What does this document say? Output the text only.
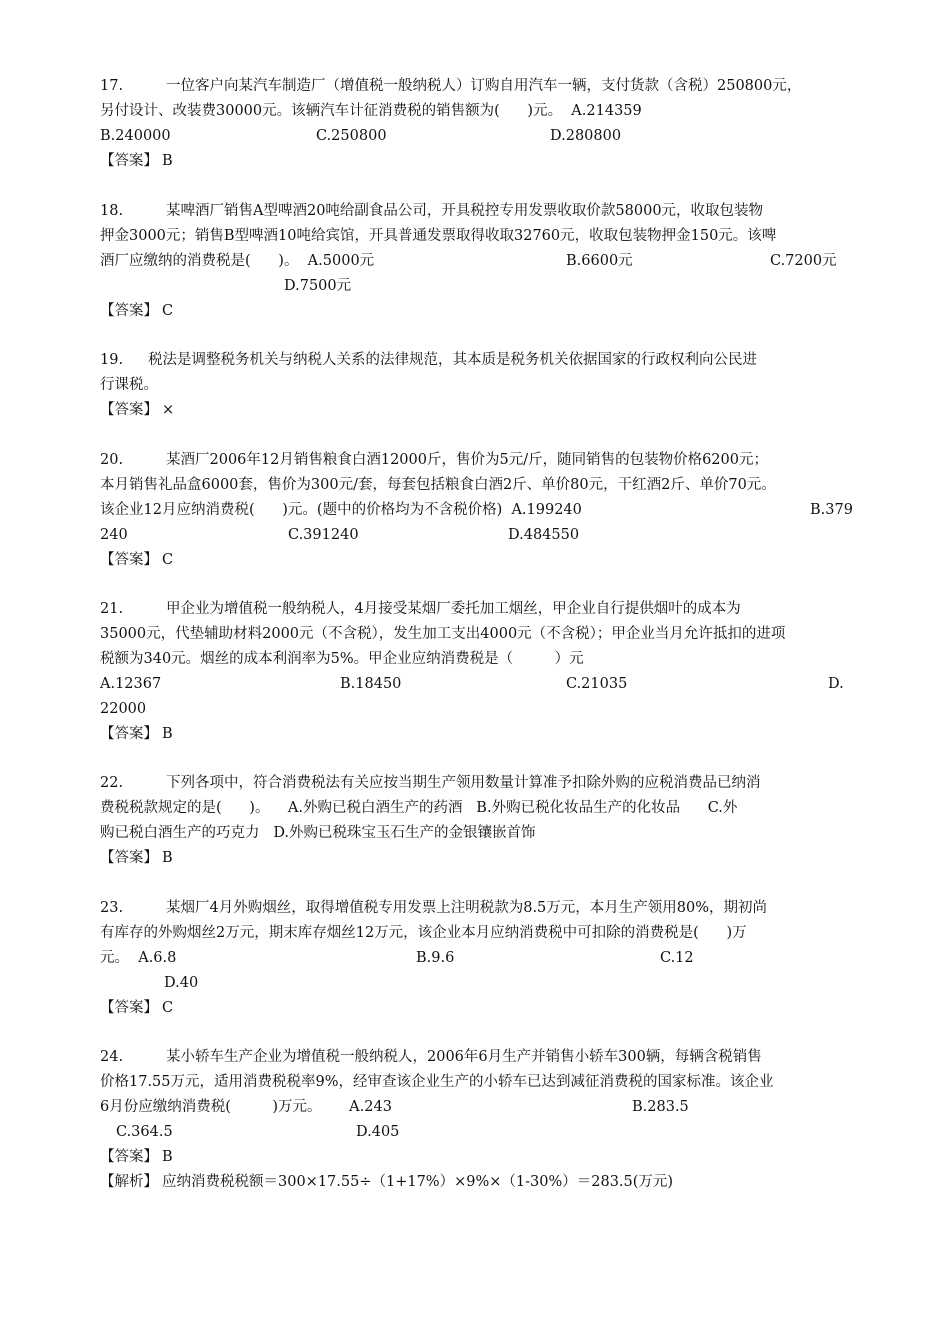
17.	一位客户向某汽车制造厂（增值税一般纳税人）订购自用汽车一辆，支付货款（含税）250800元，
另付设计、改装费30000元。该辆汽车计征消费税的销售额为(      )元。  A.214359
B.240000	C.250800	D.280800
【答案】 B
18.	某啤酒厂销售A型啤酒20吨给副食品公司，开具税控专用发票收取价款58000元，收取包装物
押金3000元；销售B型啤酒10吨给宾馆，开具普通发票取得收取32760元，收取包装物押金150元。该啤
酒厂应缴纳的消费税是(      )。  A.5000元	B.6600元	C.7200元
D.7500元
【答案】 C
19. 税法是调整税务机关与纳税人关系的法律规范，其本质是税务机关依据国家的行政权利向公民进
行课税。
【答案】 ×
20.	某酒厂2006年12月销售粮食白酒12000斤，售价为5元/斤，随同销售的包装物价格6200元；
本月销售礼品盒6000套，售价为300元/套，每套包括粮食白酒2斤、单价80元，干红酒2斤、单价70元。
该企业12月应纳消费税(      )元。(题中的价格均为不含税价格)  A.199240	B.379
240	C.391240	D.484550
【答案】 C
21.	甲企业为增值税一般纳税人，4月接受某烟厂委托加工烟丝，甲企业自行提供烟叶的成本为
35000元，代垫辅助材料2000元（不含税），发生加工支出4000元（不含税）；甲企业当月允许抵扣的进项
税额为340元。烟丝的成本利润率为5%。甲企业应纳消费税是（         ）元
A.12367	B.18450	C.21035	D.
22000
【答案】 B
22.	下列各项中，符合消费税法有关应按当期生产领用数量计算准予扣除外购的应税消费品已纳消
费税税款规定的是(      )。    A.外购已税白酒生产的药酒   B.外购已税化妆品生产的化妆品      C.外
购已税白酒生产的巧克力   D.外购已税珠宝玉石生产的金银镶嵌首饰
【答案】 B
23.	某烟厂4月外购烟丝，取得增值税专用发票上注明税款为8.5万元，本月生产领用80%，期初尚
有库存的外购烟丝2万元，期末库存烟丝12万元，该企业本月应纳消费税中可扣除的消费税是(      )万
元。  A.6.8	B.9.6	C.12
D.40
【答案】 C
24.	某小轿车生产企业为增值税一般纳税人，2006年6月生产并销售小轿车300辆，每辆含税销售
价格17.55万元，适用消费税税率9%，经审查该企业生产的小轿车已达到减征消费税的国家标准。该企业
6月份应缴纳消费税(         )万元。      A.243	B.283.5
C.364.5	D.405
【答案】 B
【解析】 应纳消费税税额＝300×17.55÷（1+17%）×9%×（1-30%）＝283.5(万元)
